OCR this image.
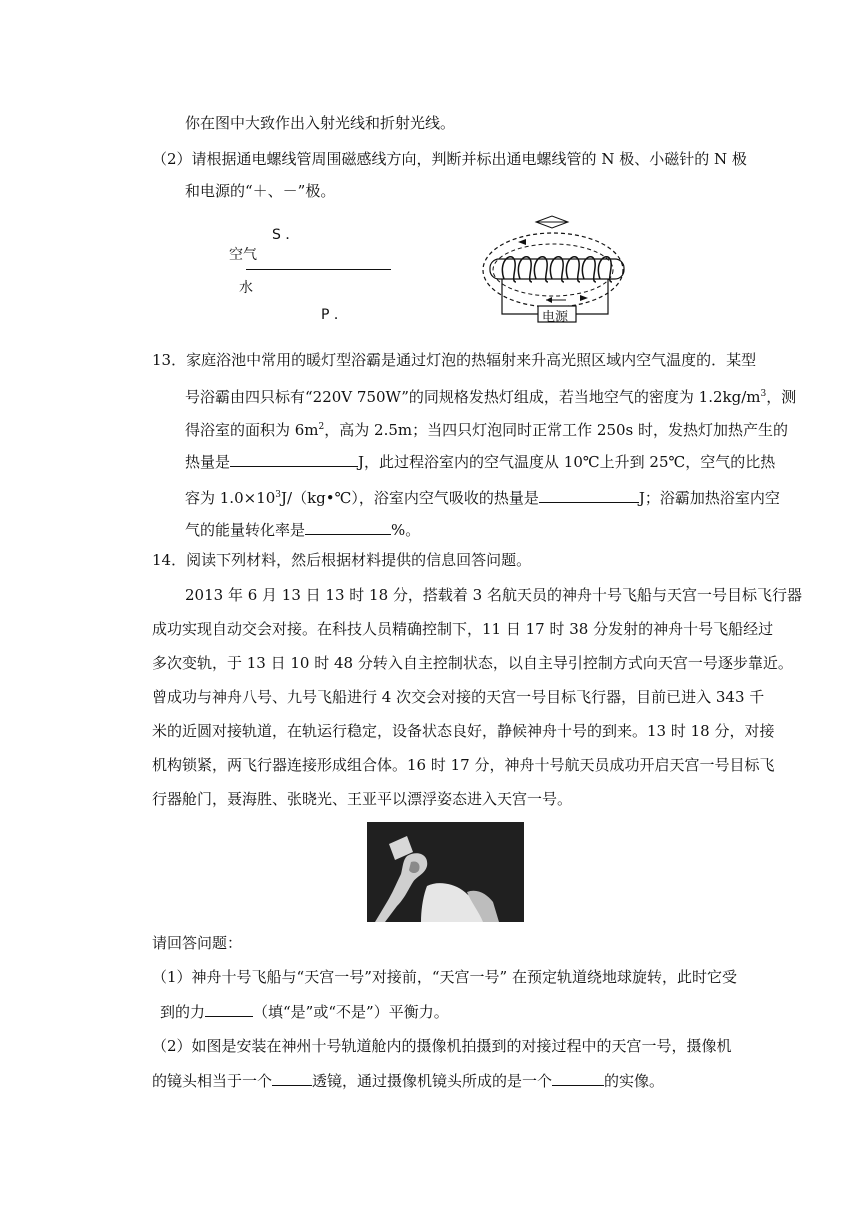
你在图中大致作出入射光线和折射光线。
（2）请根据通电螺线管周围磁感线方向，判断并标出通电螺线管的 N 极、小磁针的 N 极
和电源的“＋、－”极。
S ．
空气
水
P ．	电源
13．家庭浴池中常用的暖灯型浴霸是通过灯泡的热辐射来升高光照区域内空气温度的．某型
号浴霸由四只标有“220V 750W”的同规格发热灯组成，若当地空气的密度为 $1.2kg/m^3$，测
得浴室的面积为 $6m^2$，高为 2.5m；当四只灯泡同时正常工作 250s 时，发热灯加热产生的
热量是	J，此过程浴室内的空气温度从 10℃上升到 25℃，空气的比热
容为 $1.0\times 10^3J/(kg•℃)$，浴室内空气吸收的热量是	J；浴霸加热浴室内空
气的能量转化率是	%。
14．阅读下列材料，然后根据材料提供的信息回答问题。
2013 年 6 月 13 日 13 时 18 分，搭载着 3 名航天员的神舟十号飞船与天宫一号目标飞行器
成功实现自动交会对接。在科技人员精确控制下，11 日 17 时 38 分发射的神舟十号飞船经过
多次变轨，于 13 日 10 时 48 分转入自主控制状态，以自主导引控制方式向天宫一号逐步靠近。
曾成功与神舟八号、九号飞船进行 4 次交会对接的天宫一号目标飞行器，目前已进入 343 千
米的近圆对接轨道，在轨运行稳定，设备状态良好，静候神舟十号的到来。13 时 18 分，对接
机构锁紧，两飞行器连接形成组合体。16 时 17 分，神舟十号航天员成功开启天宫一号目标飞
行器舱门，聂海胜、张晓光、王亚平以漂浮姿态进入天宫一号。
请回答问题：
（1）神舟十号飞船与“天宫一号”对接前，“天宫一号” 在预定轨道绕地球旋转，此时它受
到的力	（填“是”或“不是”）平衡力。
（2）如图是安装在神州十号轨道舱内的摄像机拍摄到的对接过程中的天宫一号，摄像机
的镜头相当于一个	透镜，通过摄像机镜头所成的是一个	的实像。
